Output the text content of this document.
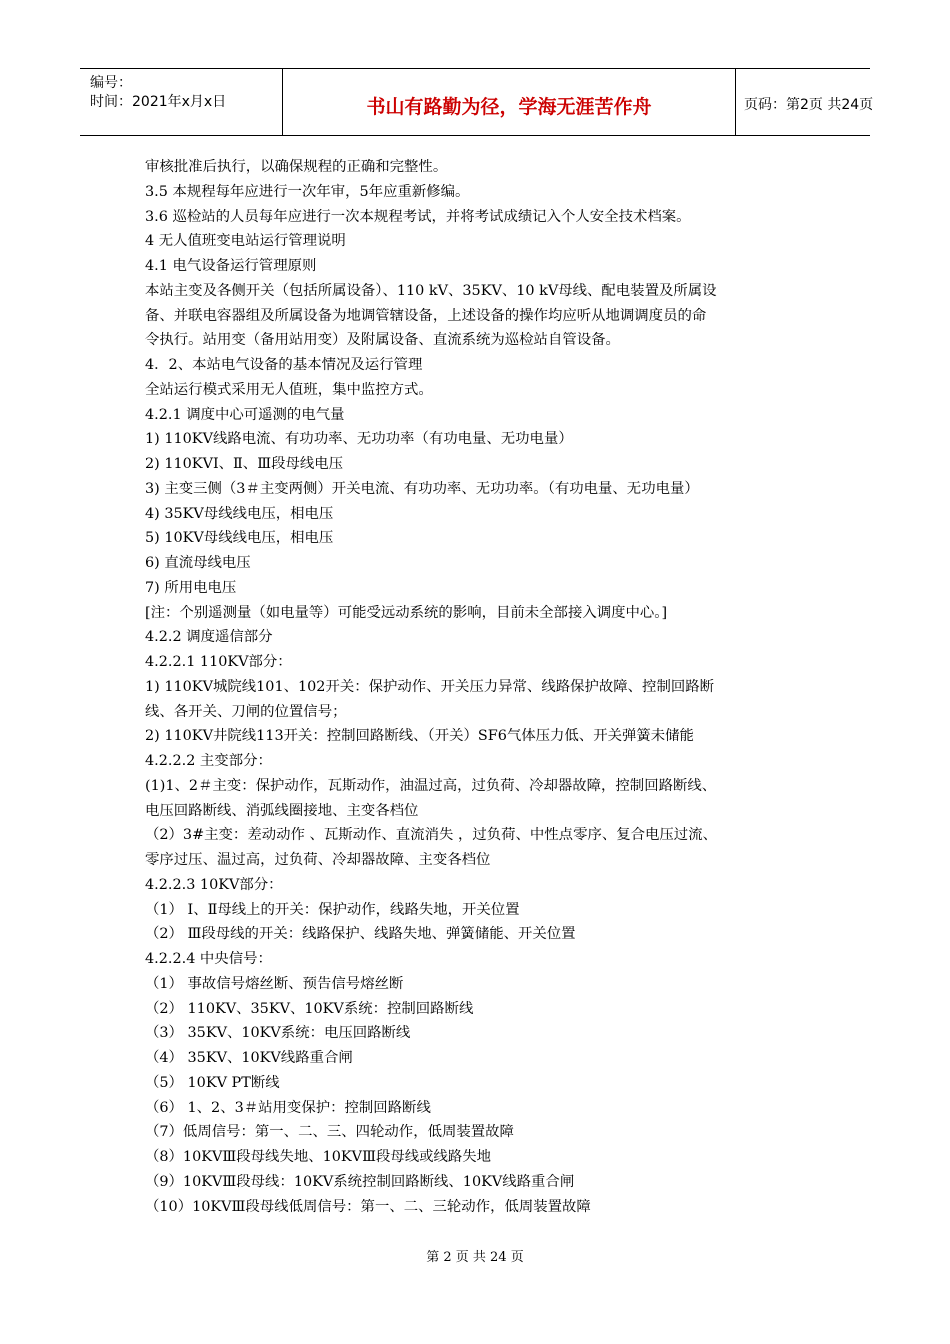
编号：
时间：2021年x月x日	书山有路勤为径，学海无涯苦作舟	页码：第2页 共24页
审核批准后执行，以确保规程的正确和完整性。
3.5 本规程每年应进行一次年审，5年应重新修编。
3.6 巡检站的人员每年应进行一次本规程考试，并将考试成绩记入个人安全技术档案。
4 无人值班变电站运行管理说明
4.1 电气设备运行管理原则
本站主变及各侧开关（包括所属设备）、110 kV、35KV、10 kV母线、配电装置及所属设
备、并联电容器组及所属设备为地调管辖设备，上述设备的操作均应听从地调调度员的命
令执行。站用变（备用站用变）及附属设备、直流系统为巡检站自管设备。
4．2、本站电气设备的基本情况及运行管理
全站运行模式采用无人值班，集中监控方式。
4.2.1 调度中心可遥测的电气量
1) 110KV线路电流、有功功率、无功功率（有功电量、无功电量）
2) 110KVⅠ、Ⅱ、Ⅲ段母线电压
3) 主变三侧（3＃主变两侧）开关电流、有功功率、无功功率。（有功电量、无功电量）
4) 35KV母线线电压，相电压
5) 10KV母线线电压，相电压
6) 直流母线电压
7) 所用电电压
[注：个别遥测量（如电量等）可能受远动系统的影响，目前未全部接入调度中心。]
4.2.2 调度遥信部分
4.2.2.1 110KV部分：
1) 110KV城院线101、102开关：保护动作、开关压力异常、线路保护故障、控制回路断
线、各开关、刀闸的位置信号；
2) 110KV井院线113开关：控制回路断线、（开关）SF6气体压力低、开关弹簧未储能
4.2.2.2 主变部分：
(1)1、2＃主变：保护动作，瓦斯动作，油温过高，过负荷、冷却器故障，控制回路断线、
电压回路断线、消弧线圈接地、主变各档位
（2）3#主变：差动动作 、瓦斯动作、直流消失 ，过负荷、中性点零序、复合电压过流、
零序过压、温过高，过负荷、冷却器故障、主变各档位
4.2.2.3 10KV部分：
（1） Ⅰ、Ⅱ母线上的开关：保护动作，线路失地，开关位置
（2） Ⅲ段母线的开关：线路保护、线路失地、弹簧储能、开关位置
4.2.2.4 中央信号：
（1） 事故信号熔丝断、预告信号熔丝断
（2） 110KV、35KV、10KV系统：控制回路断线
（3） 35KV、10KV系统：电压回路断线
（4） 35KV、10KV线路重合闸
（5） 10KV PT断线
（6） 1、2、3＃站用变保护：控制回路断线
（7）低周信号：第一、二、三、四轮动作，低周装置故障
（8）10KVⅢ段母线失地、10KVⅢ段母线或线路失地
（9）10KVⅢ段母线：10KV系统控制回路断线、10KV线路重合闸
（10）10KVⅢ段母线低周信号：第一、二、三轮动作，低周装置故障
第 2 页 共 24 页
